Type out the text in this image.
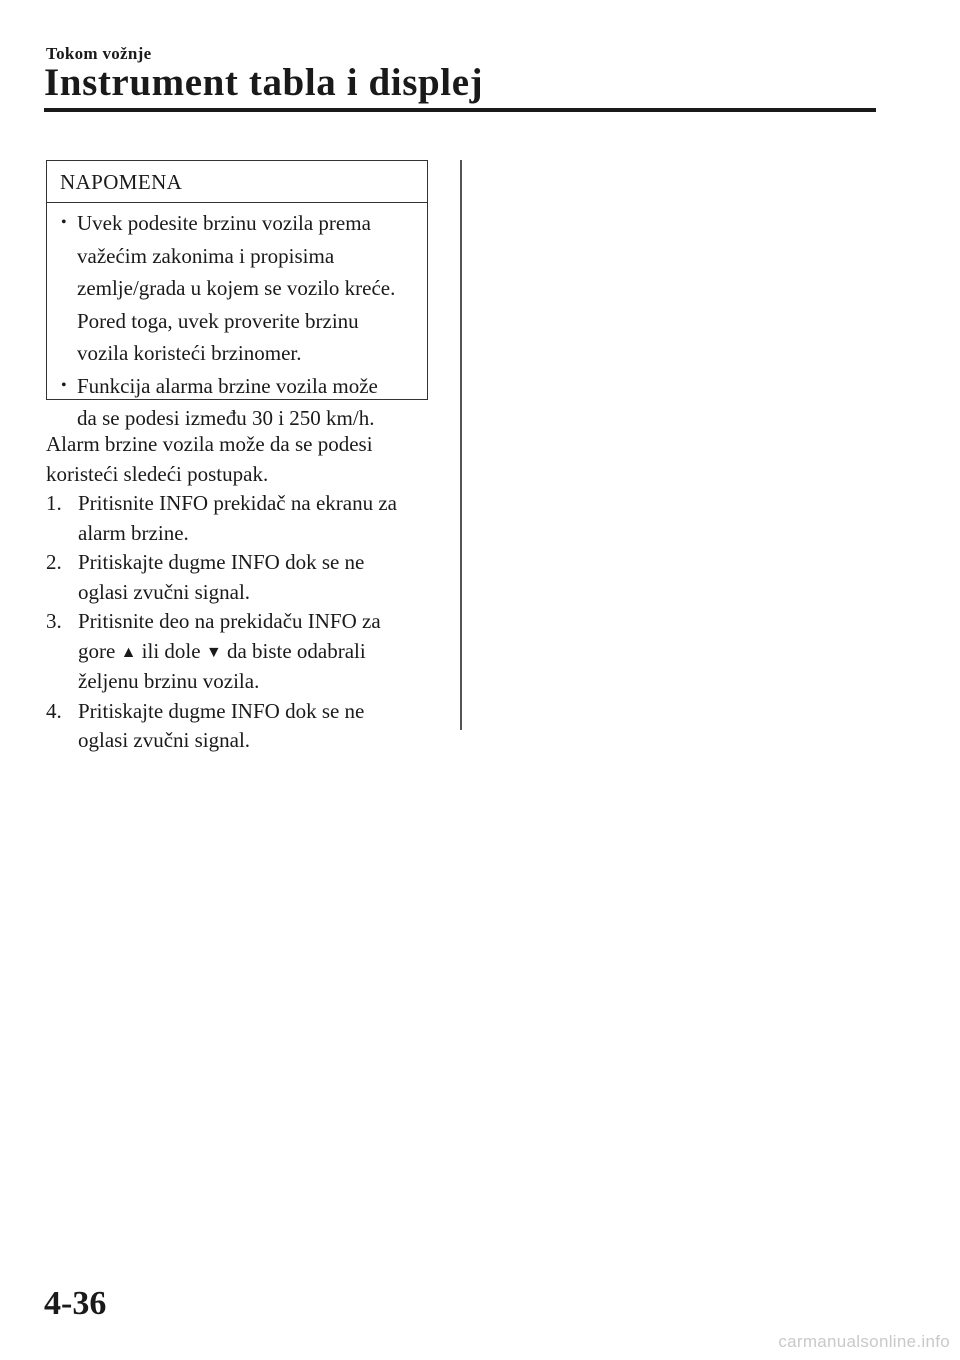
Tokom vožnje
Instrument tabla i displej
NAPOMENA
• Uvek podesite brzinu vozila prema
važećim zakonima i propisima
zemlje/grada u kojem se vozilo kreće.
Pored toga, uvek proverite brzinu
vozila koristeći brzinomer.
• Funkcija alarma brzine vozila može
da se podesi između 30 i 250 km/h.
Alarm brzine vozila može da se podesi
koristeći sledeći postupak.
1. Pritisnite INFO prekidač na ekranu za
alarm brzine.
2. Pritiskajte dugme INFO dok se ne
oglasi zvučni signal.
3. Pritisnite deo na prekidaču INFO za
gore ▲ ili dole ▼ da biste odabrali
željenu brzinu vozila.
4. Pritiskajte dugme INFO dok se ne
oglasi zvučni signal.
4-36
carmanualsonline.info
